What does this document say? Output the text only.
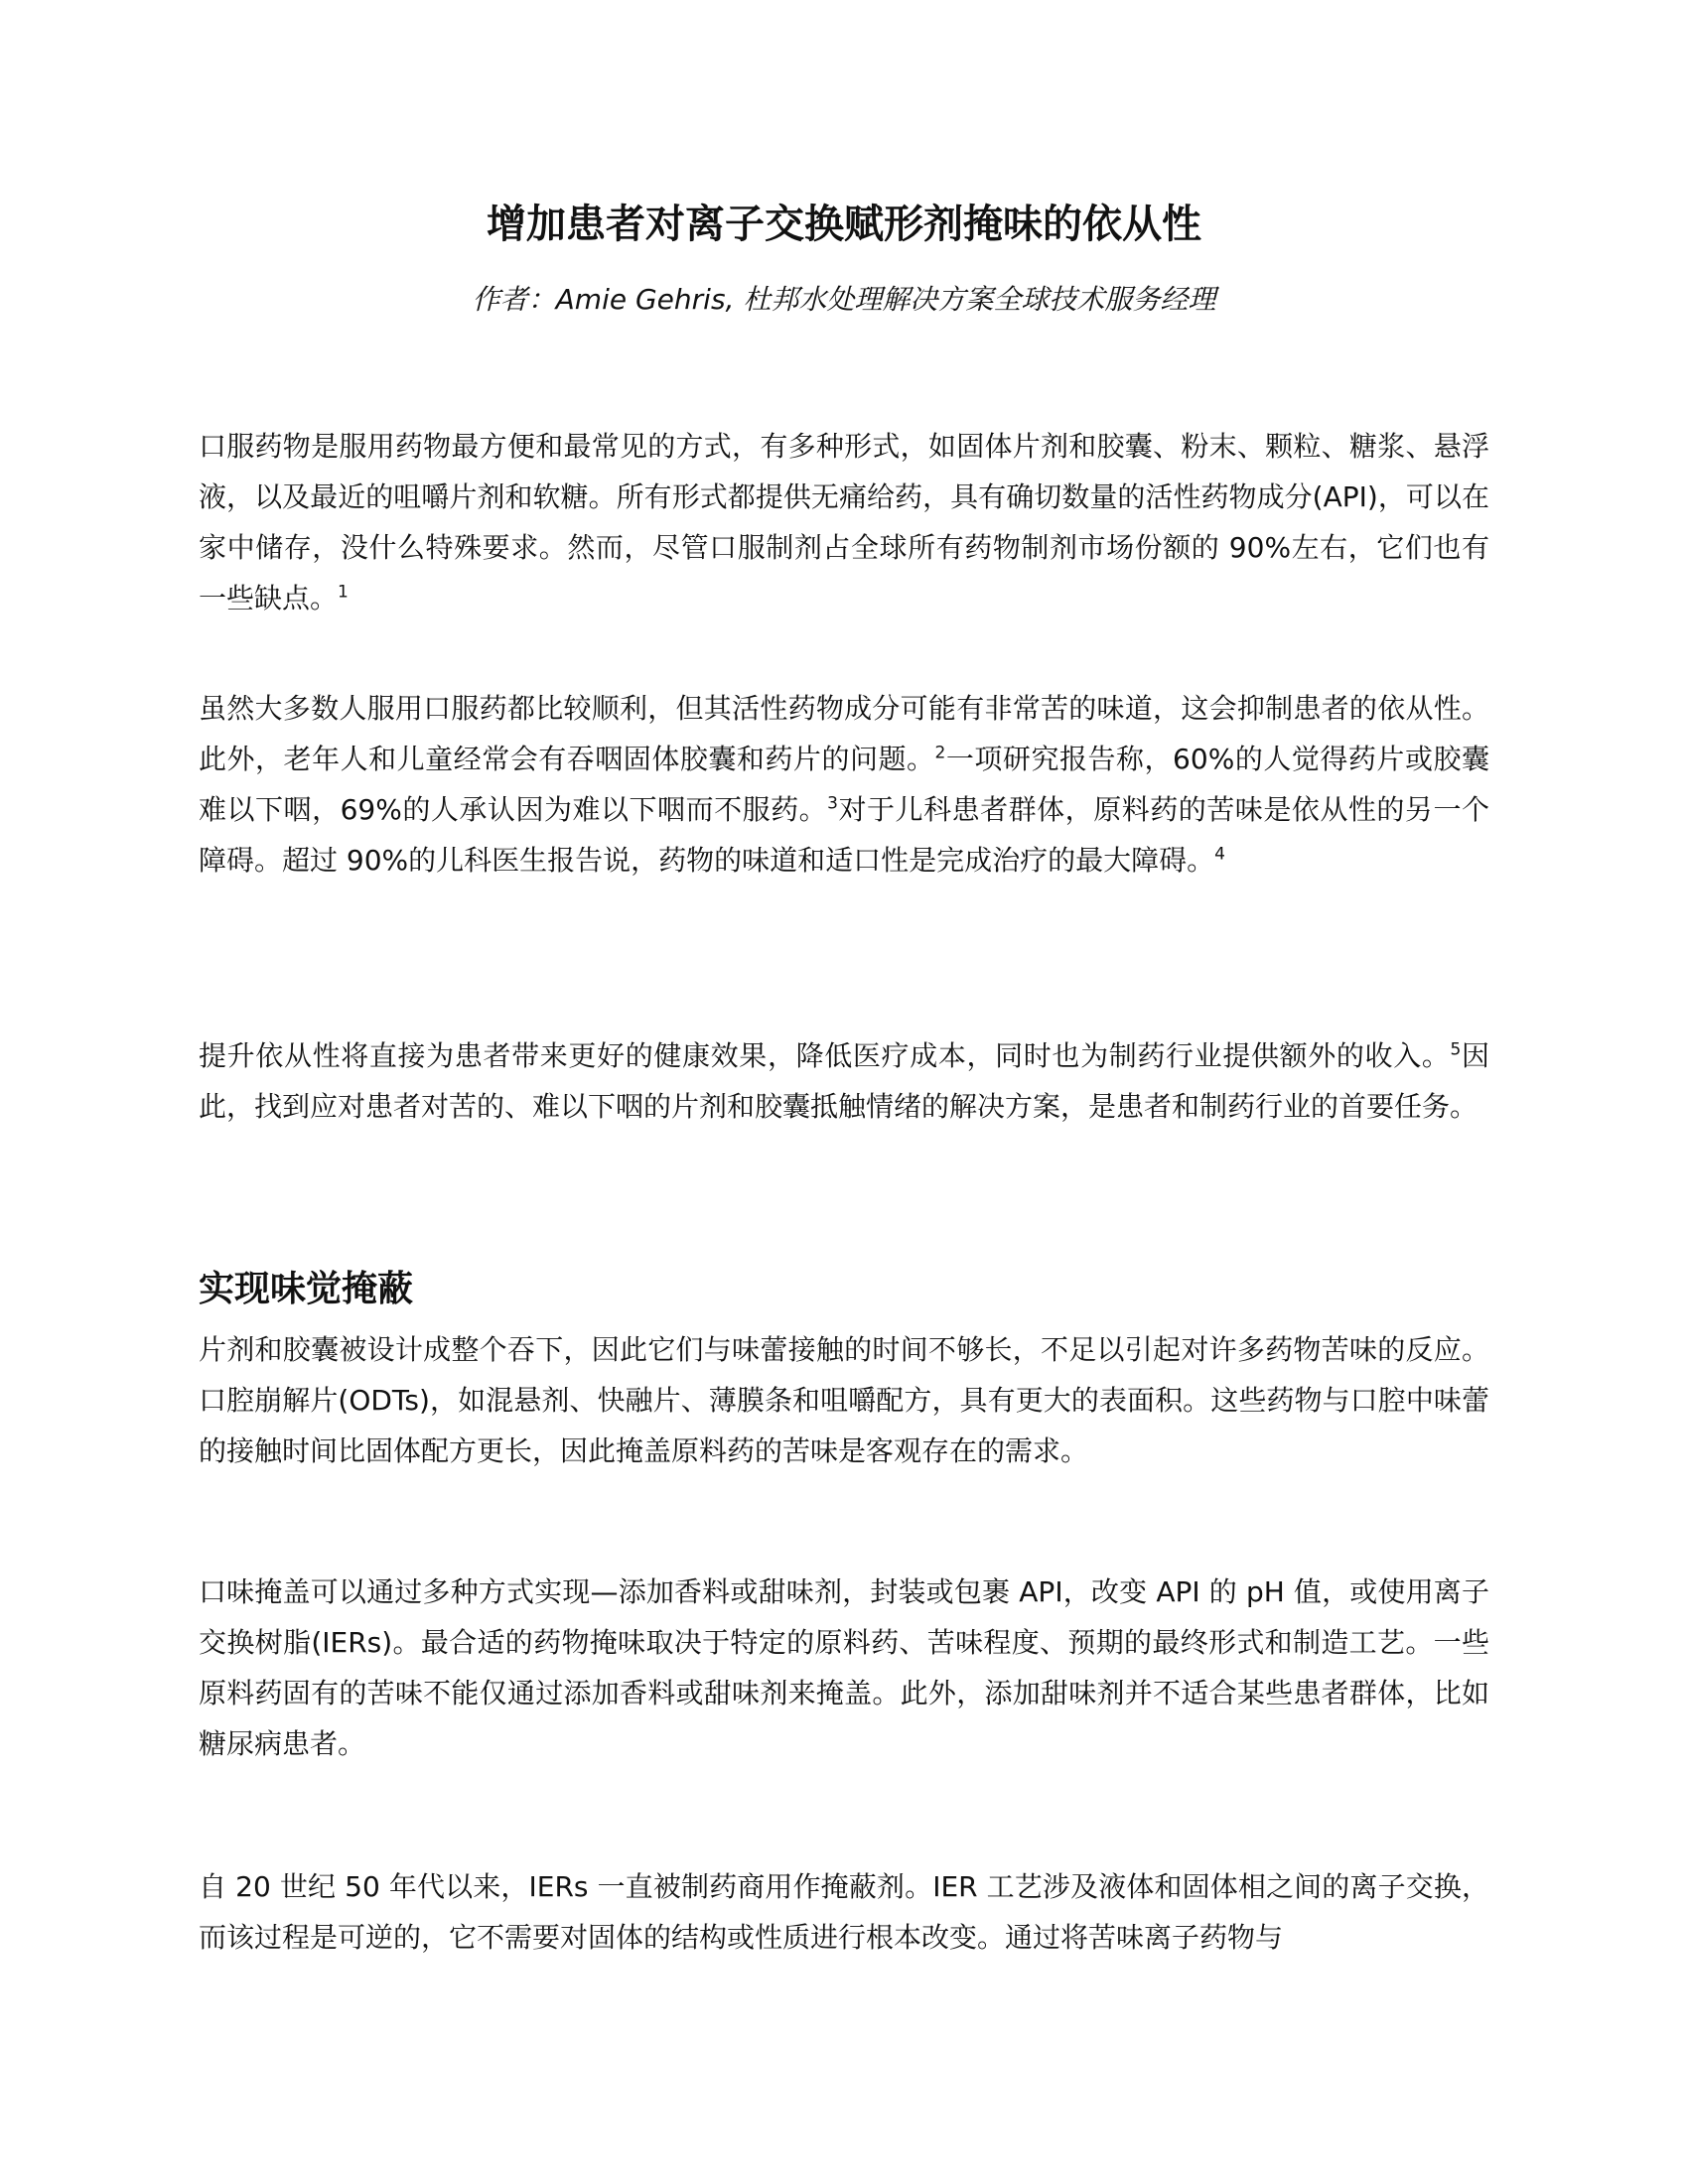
增加患者对离子交换赋形剂掩味的依从性

作者：Amie Gehris, 杜邦水处理解决方案全球技术服务经理

口服药物是服用药物最方便和最常见的方式，有多种形式，如固体片剂和胶囊、粉末、颗粒、糖浆、悬浮液，以及最近的咀嚼片剂和软糖。所有形式都提供无痛给药，具有确切数量的活性药物成分(API)，可以在家中储存，没什么特殊要求。然而，尽管口服制剂占全球所有药物制剂市场份额的 90%左右，它们也有一些缺点。$^1$

虽然大多数人服用口服药都比较顺利，但其活性药物成分可能有非常苦的味道，这会抑制患者的依从性。此外，老年人和儿童经常会有吞咽固体胶囊和药片的问题。$^2$一项研究报告称，60%的人觉得药片或胶囊难以下咽，69%的人承认因为难以下咽而不服药。$^3$对于儿科患者群体，原料药的苦味是依从性的另一个障碍。超过 90%的儿科医生报告说，药物的味道和适口性是完成治疗的最大障碍。$^4$

提升依从性将直接为患者带来更好的健康效果，降低医疗成本，同时也为制药行业提供额外的收入。$^5$因此，找到应对患者对苦的、难以下咽的片剂和胶囊抵触情绪的解决方案，是患者和制药行业的首要任务。

实现味觉掩蔽

片剂和胶囊被设计成整个吞下，因此它们与味蕾接触的时间不够长，不足以引起对许多药物苦味的反应。口腔崩解片(ODTs)，如混悬剂、快融片、薄膜条和咀嚼配方，具有更大的表面积。这些药物与口腔中味蕾的接触时间比固体配方更长，因此掩盖原料药的苦味是客观存在的需求。

口味掩盖可以通过多种方式实现—添加香料或甜味剂，封装或包裹 API，改变 API 的 pH 值，或使用离子交换树脂(IERs)。最合适的药物掩味取决于特定的原料药、苦味程度、预期的最终形式和制造工艺。一些原料药固有的苦味不能仅通过添加香料或甜味剂来掩盖。此外，添加甜味剂并不适合某些患者群体，比如糖尿病患者。

自 20 世纪 50 年代以来，IERs 一直被制药商用作掩蔽剂。IER 工艺涉及液体和固体相之间的离子交换，而该过程是可逆的，它不需要对固体的结构或性质进行根本改变。通过将苦味离子药物与
